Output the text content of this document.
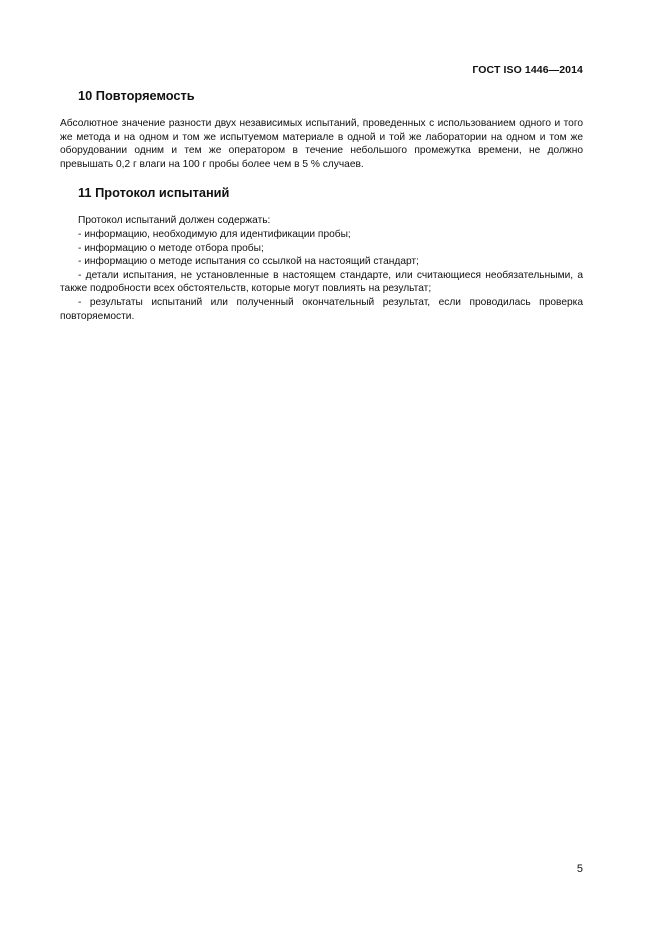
ГОСТ ISO 1446—2014
10 Повторяемость

Абсолютное значение разности двух независимых испытаний, проведенных с использованием одного и того же метода и на одном и том же испытуемом материале в одной и той же лаборатории на одном и том же оборудовании одним и тем же оператором в течение небольшого промежутка времени, не должно превышать 0,2 г влаги на 100 г пробы более чем в 5 % случаев.

11 Протокол испытаний

Протокол испытаний должен содержать:

- информацию, необходимую для идентификации пробы;

- информацию о методе отбора пробы;

- информацию о методе испытания со ссылкой на настоящий стандарт;

- детали испытания, не установленные в настоящем стандарте, или считающиеся необязательными, а также подробности всех обстоятельств, которые могут повлиять на результат;

- результаты испытаний или полученный окончательный результат, если проводилась проверка повторяемости.

5
